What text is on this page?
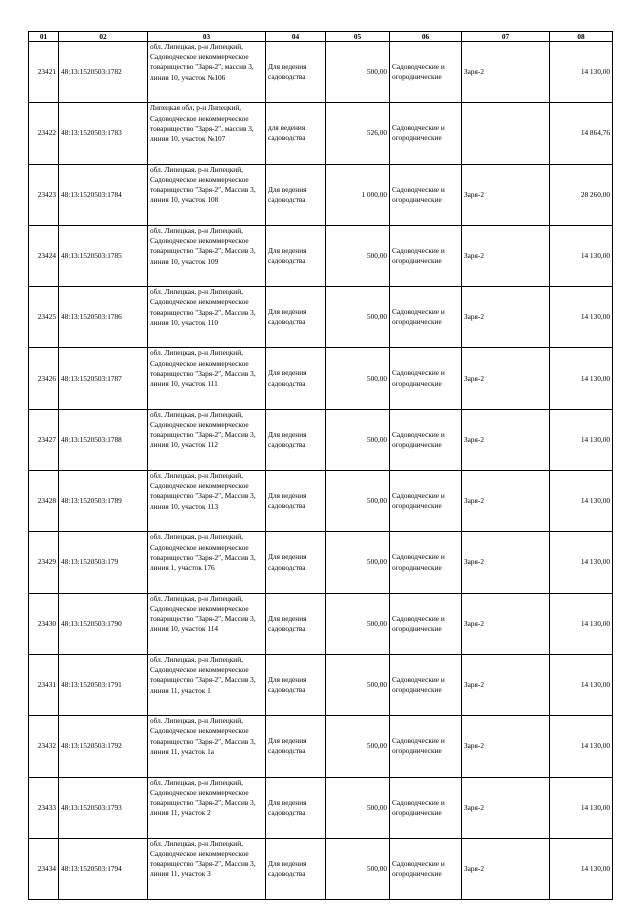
01	02	03	04	05	06	07	08
23421	48:13:1520503:1782	обл. Липецкая, р-н Липецкий, Садоводческое некоммерческое товарищество "Заря-2", массив 3, линия 10, участок №106	Для ведения садоводства	500,00	Садоводческие и огороднические	Заря-2	14 130,00
23422	48:13:1520503:1783	Липецкая обл, р-н Липецкий, Садоводческое некоммерческое товарищество "Заря-2", массив 3, линия 10, участок №107	для ведения садоводства	526,00	Садоводческие и огороднические		14 864,76
23423	48:13:1520503:1784	обл. Липецкая, р-н Липецкий, Садоводческое некоммерческое товарищество "Заря-2", Массив 3, линия 10, участок 108	Для ведения садоводства	1 000,00	Садоводческие и огороднические	Заря-2	28 260,00
23424	48:13:1520503:1785	обл. Липецкая, р-н Липецкий, Садоводческое некоммерческое товарищество "Заря-2", Массив 3, линия 10, участок 109	Для ведения садоводства	500,00	Садоводческие и огороднические	Заря-2	14 130,00
23425	48:13:1520503:1786	обл. Липецкая, р-н Липецкий, Садоводческое некоммерческое товарищество "Заря-2", Массив 3, линия 10, участок 110	Для ведения садоводства	500,00	Садоводческие и огороднические	Заря-2	14 130,00
23426	48:13:1520503:1787	обл. Липецкая, р-н Липецкий, Садоводческое некоммерческое товарищество "Заря-2", Массив 3, линия 10, участок 111	Для ведения садоводства	500,00	Садоводческие и огороднические	Заря-2	14 130,00
23427	48:13:1520503:1788	обл. Липецкая, р-н Липецкий, Садоводческое некоммерческое товарищество "Заря-2", Массив 3, линия 10, участок 112	Для ведения садоводства	500,00	Садоводческие и огороднические	Заря-2	14 130,00
23428	48:13:1520503:1789	обл. Липецкая, р-н Липецкий, Садоводческое некоммерческое товарищество "Заря-2", Массив 3, линия 10, участок 113	Для ведения садоводства	500,00	Садоводческие и огороднические	Заря-2	14 130,00
23429	48:13:1520503:179	обл. Липецкая, р-н Липецкий, Садоводческое некоммерческое товарищество "Заря-2", Массив 3, линия 1, участок 176	Для ведения садоводства	500,00	Садоводческие и огороднические	Заря-2	14 130,00
23430	48:13:1520503:1790	обл. Липецкая, р-н Липецкий, Садоводческое некоммерческое товарищество "Заря-2", Массив 3, линия 10, участок 114	Для ведения садоводства	500,00	Садоводческие и огороднические	Заря-2	14 130,00
23431	48:13:1520503:1791	обл. Липецкая, р-н Липецкий, Садоводческое некоммерческое товарищество "Заря-2", Массив 3, линия 11, участок 1	Для ведения садоводства	500,00	Садоводческие и огороднические	Заря-2	14 130,00
23432	48:13:1520503:1792	обл. Липецкая, р-н Липецкий, Садоводческое некоммерческое товарищество "Заря-2", Массив 3, линия 11, участок 1а	Для ведения садоводства	500,00	Садоводческие и огороднические	Заря-2	14 130,00
23433	48:13:1520503:1793	обл. Липецкая, р-н Липецкий, Садоводческое некоммерческое товарищество "Заря-2", Массив 3, линия 11, участок 2	Для ведения садоводства	500,00	Садоводческие и огороднические	Заря-2	14 130,00
23434	48:13:1520503:1794	обл. Липецкая, р-н Липецкий, Садоводческое некоммерческое товарищество "Заря-2", Массив 3, линия 11, участок 3	Для ведения садоводства	500,00	Садоводческие и огороднические	Заря-2	14 130,00
